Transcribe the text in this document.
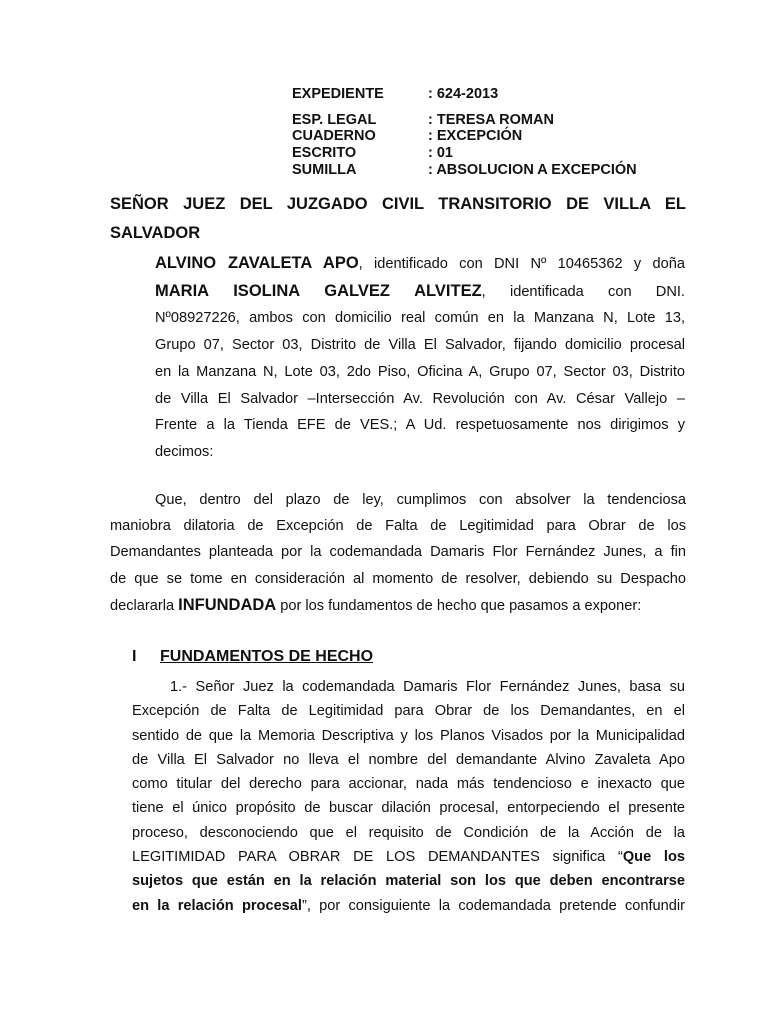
EXPEDIENTE	: 624-2013
ESP. LEGAL	: TERESA ROMAN
CUADERNO	: EXCEPCIÓN
ESCRITO	: 01
SUMILLA	: ABSOLUCION A EXCEPCIÓN
SEÑOR JUEZ DEL JUZGADO CIVIL TRANSITORIO DE VILLA EL
SALVADOR
ALVINO ZAVALETA APO, identificado con DNI Nº 10465362 y doña
MARIA ISOLINA GALVEZ ALVITEZ, identificada con DNI.
Nº08927226, ambos con domicilio real común en la Manzana N, Lote 13,
Grupo 07, Sector 03, Distrito de Villa El Salvador, fijando domicilio procesal
en la Manzana N, Lote 03, 2do Piso, Oficina A, Grupo 07, Sector 03, Distrito
de Villa El Salvador –Intersección Av. Revolución con Av. César Vallejo –
Frente a la Tienda EFE de VES.; A Ud. respetuosamente nos dirigimos y
decimos:
Que, dentro del plazo de ley, cumplimos con absolver la tendenciosa
maniobra dilatoria de Excepción de Falta de Legitimidad para Obrar de los
Demandantes planteada por la codemandada Damaris Flor Fernández Junes, a fin
de que se tome en consideración al momento de resolver, debiendo su Despacho
declararla INFUNDADA por los fundamentos de hecho que pasamos a exponer:
I FUNDAMENTOS DE HECHO
1.- Señor Juez la codemandada Damaris Flor Fernández Junes, basa su
Excepción de Falta de Legitimidad para Obrar de los Demandantes, en el
sentido de que la Memoria Descriptiva y los Planos Visados por la Municipalidad
de Villa El Salvador no lleva el nombre del demandante Alvino Zavaleta Apo
como titular del derecho para accionar, nada más tendencioso e inexacto que
tiene el único propósito de buscar dilación procesal, entorpeciendo el presente
proceso, desconociendo que el requisito de Condición de la Acción de la
LEGITIMIDAD PARA OBRAR DE LOS DEMANDANTES significa “Que los
sujetos que están en la relación material son los que deben encontrarse
en la relación procesal”, por consiguiente la codemandada pretende confundir
